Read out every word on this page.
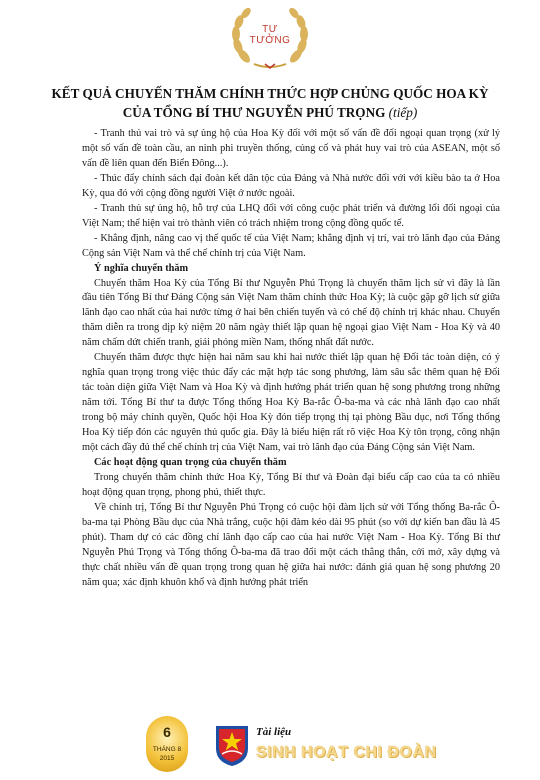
TƯ
TƯỞNG
KẾT QUẢ CHUYẾN THĂM CHÍNH THỨC HỢP CHỦNG QUỐC HOA KỲ CỦA TỔNG BÍ THƯ NGUYỄN PHÚ TRỌNG (tiếp)

- Tranh thủ vai trò và sự ủng hộ của Hoa Kỳ đối với một số vấn đề đối ngoại quan trọng (xử lý một số vấn đề toàn cầu, an ninh phi truyền thống, củng cố và phát huy vai trò của ASEAN, một số vấn đề liên quan đến Biển Đông...).

- Thúc đẩy chính sách đại đoàn kết dân tộc của Đảng và Nhà nước đối với với kiều bào ta ở Hoa Kỳ, qua đó với cộng đồng người Việt ở nước ngoài.

- Tranh thủ sự ủng hộ, hỗ trợ của LHQ đối với công cuộc phát triển và đường lối đối ngoại của Việt Nam; thể hiện vai trò thành viên có trách nhiệm trong cộng đồng quốc tế.

- Khẳng định, nâng cao vị thế quốc tế của Việt Nam; khẳng định vị trí, vai trò lãnh đạo của Đảng Cộng sản Việt Nam và thể chế chính trị của Việt Nam.

Ý nghĩa chuyến thăm

Chuyến thăm Hoa Kỳ của Tổng Bí thư Nguyễn Phú Trọng là chuyến thăm lịch sử vì đây là lần đầu tiên Tổng Bí thư Đảng Cộng sản Việt Nam thăm chính thức Hoa Kỳ; là cuộc gặp gỡ lịch sử giữa lãnh đạo cao nhất của hai nước từng ở hai bên chiến tuyến và có chế độ chính trị khác nhau. Chuyến thăm diễn ra trong dịp kỷ niệm 20 năm ngày thiết lập quan hệ ngoại giao Việt Nam - Hoa Kỳ và 40 năm chấm dứt chiến tranh, giải phóng miền Nam, thống nhất đất nước.

Chuyến thăm được thực hiện hai năm sau khi hai nước thiết lập quan hệ Đối tác toàn diện, có ý nghĩa quan trọng trong việc thúc đẩy các mặt hợp tác song phương, làm sâu sắc thêm quan hệ Đối tác toàn diện giữa Việt Nam và Hoa Kỳ và định hướng phát triển quan hệ song phương trong những năm tới. Tổng Bí thư ta được Tổng thống Hoa Kỳ Ba-rắc Ô-ba-ma và các nhà lãnh đạo cao nhất trong bộ máy chính quyền, Quốc hội Hoa Kỳ đón tiếp trọng thị tại phòng Bầu dục, nơi Tổng thống Hoa Kỳ tiếp đón các nguyên thủ quốc gia. Đây là biểu hiện rất rõ việc Hoa Kỳ tôn trọng, công nhận một cách đầy đủ thể chế chính trị của Việt Nam, vai trò lãnh đạo của Đảng Cộng sản Việt Nam.

Các hoạt động quan trọng của chuyến thăm

Trong chuyến thăm chính thức Hoa Kỳ, Tổng Bí thư và Đoàn đại biểu cấp cao của ta có nhiều hoạt động quan trọng, phong phú, thiết thực.

Về chính trị, Tổng Bí thư Nguyễn Phú Trọng có cuộc hội đàm lịch sử với Tổng thống Ba-rắc Ô-ba-ma tại Phòng Bầu dục của Nhà trắng, cuộc hội đàm kéo dài 95 phút (so với dự kiến ban đầu là 45 phút). Tham dự có các đồng chí lãnh đạo cấp cao của hai nước Việt Nam - Hoa Kỳ. Tổng Bí thư Nguyễn Phú Trọng và Tổng thống Ô-ba-ma đã trao đổi một cách thẳng thắn, cởi mở, xây dựng và thực chất nhiều vấn đề quan trọng trong quan hệ giữa hai nước: đánh giá quan hệ song phương 20 năm qua; xác định khuôn khổ và định hướng phát triển

6
THÁNG 8
2015
Tài liệu
SINH HOẠT CHI ĐOÀN
